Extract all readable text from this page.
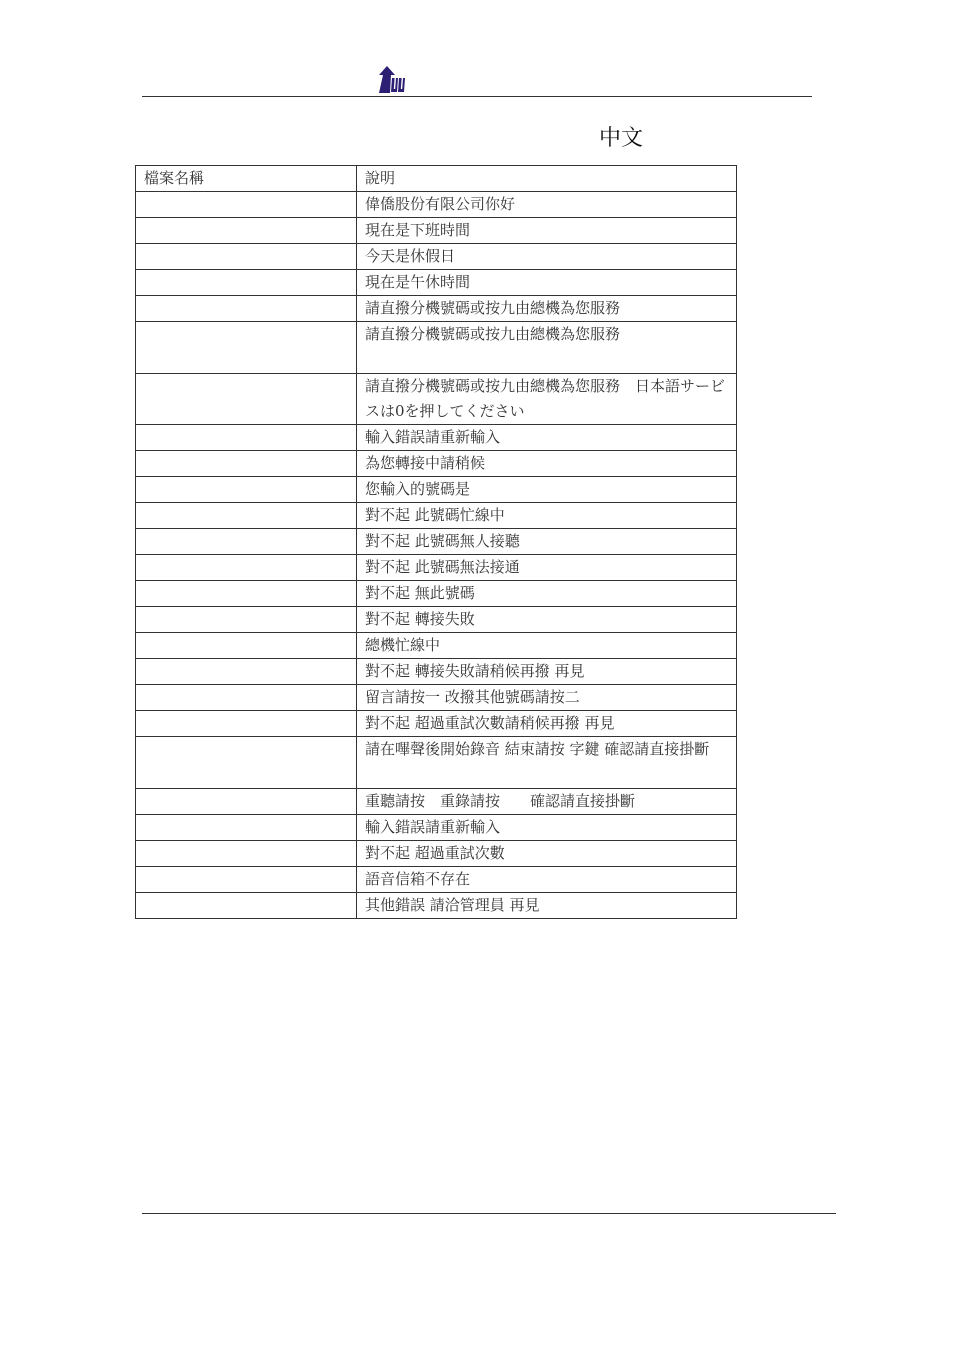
中文
檔案名稱	說明
	偉僑股份有限公司你好
	現在是下班時間
	今天是休假日
	現在是午休時間
	請直撥分機號碼或按九由總機為您服務
	請直撥分機號碼或按九由總機為您服務
	請直撥分機號碼或按九由總機為您服務　日本語サービスは0を押してください
	輸入錯誤請重新輸入
	為您轉接中請稍候
	您輸入的號碼是
	對不起 此號碼忙線中
	對不起 此號碼無人接聽
	對不起 此號碼無法接通
	對不起 無此號碼
	對不起 轉接失敗
	總機忙線中
	對不起 轉接失敗請稍候再撥 再見
	留言請按一 改撥其他號碼請按二
	對不起 超過重試次數請稍候再撥 再見
	請在嗶聲後開始錄音 結束請按 字鍵 確認請直接掛斷
	重聽請按　重錄請按　　確認請直接掛斷
	輸入錯誤請重新輸入
	對不起 超過重試次數
	語音信箱不存在
	其他錯誤 請洽管理員 再見
